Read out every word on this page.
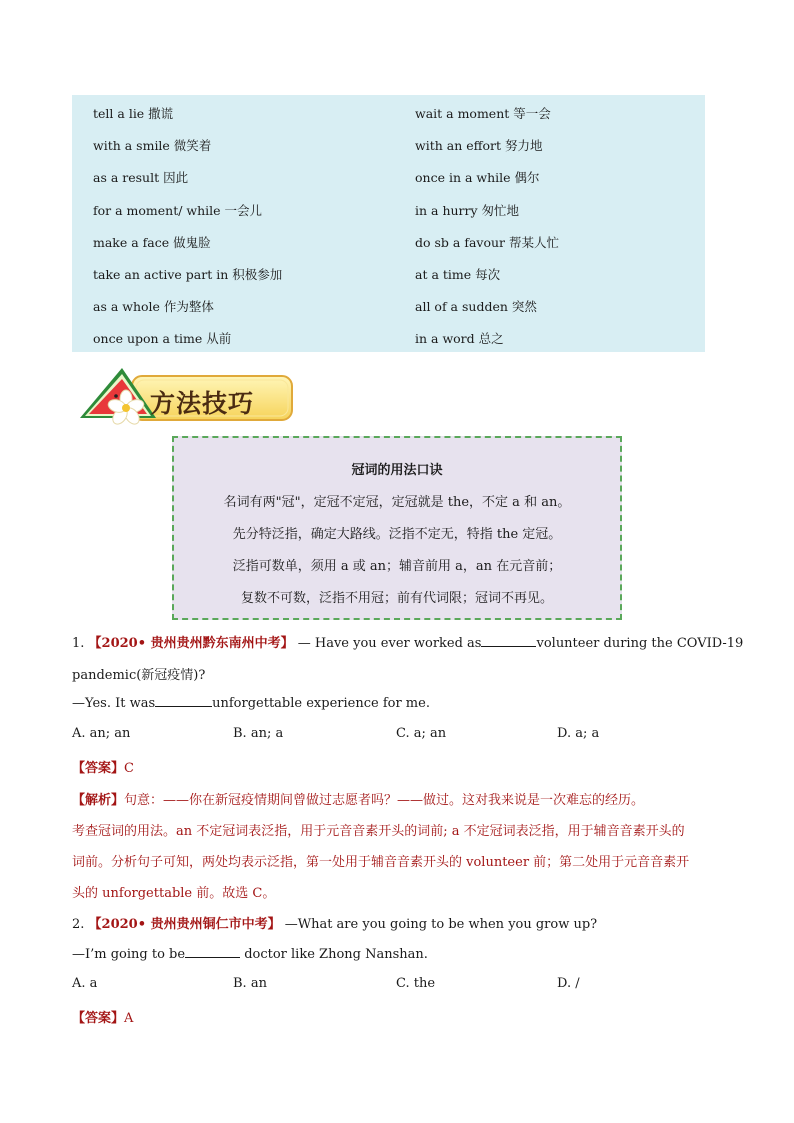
tell a lie 撒谎	wait a moment 等一会
with a smile 微笑着	with an effort 努力地
as a result 因此	once in a while 偶尔
for a moment/ while 一会儿	in a hurry 匆忙地
make a face 做鬼脸	do sb a favour 帮某人忙
take an active part in 积极参加	at a time 每次
as a whole 作为整体	all of a sudden 突然
once upon a time 从前	in a word 总之
方法技巧
冠词的用法口诀
名词有两"冠"，定冠不定冠，定冠就是 the，不定 a 和 an。
先分特泛指，确定大路线。泛指不定无，特指 the 定冠。
泛指可数单，须用 a 或 an；辅音前用 a，an 在元音前；
复数不可数，泛指不用冠；前有代词限；冠词不再见。
1. 【2020• 贵州贵州黔东南州中考】 — Have you ever worked as	volunteer during the COVID-19
pandemic(新冠疫情)?
—Yes. It was	unforgettable experience for me.
A. an; an	B. an; a	C. a; an	D. a; a
【答案】C
【解析】句意：——你在新冠疫情期间曾做过志愿者吗？——做过。这对我来说是一次难忘的经历。
考查冠词的用法。an 不定冠词表泛指，用于元音音素开头的词前; a 不定冠词表泛指，用于辅音音素开头的
词前。分析句子可知，两处均表示泛指，第一处用于辅音音素开头的 volunteer 前；第二处用于元音音素开
头的 unforgettable 前。故选 C。
2. 【2020• 贵州贵州铜仁市中考】 —What are you going to be when you grow up?
—I’m going to be	doctor like Zhong Nanshan.
A. a	B. an	C. the	D. /
【答案】A
